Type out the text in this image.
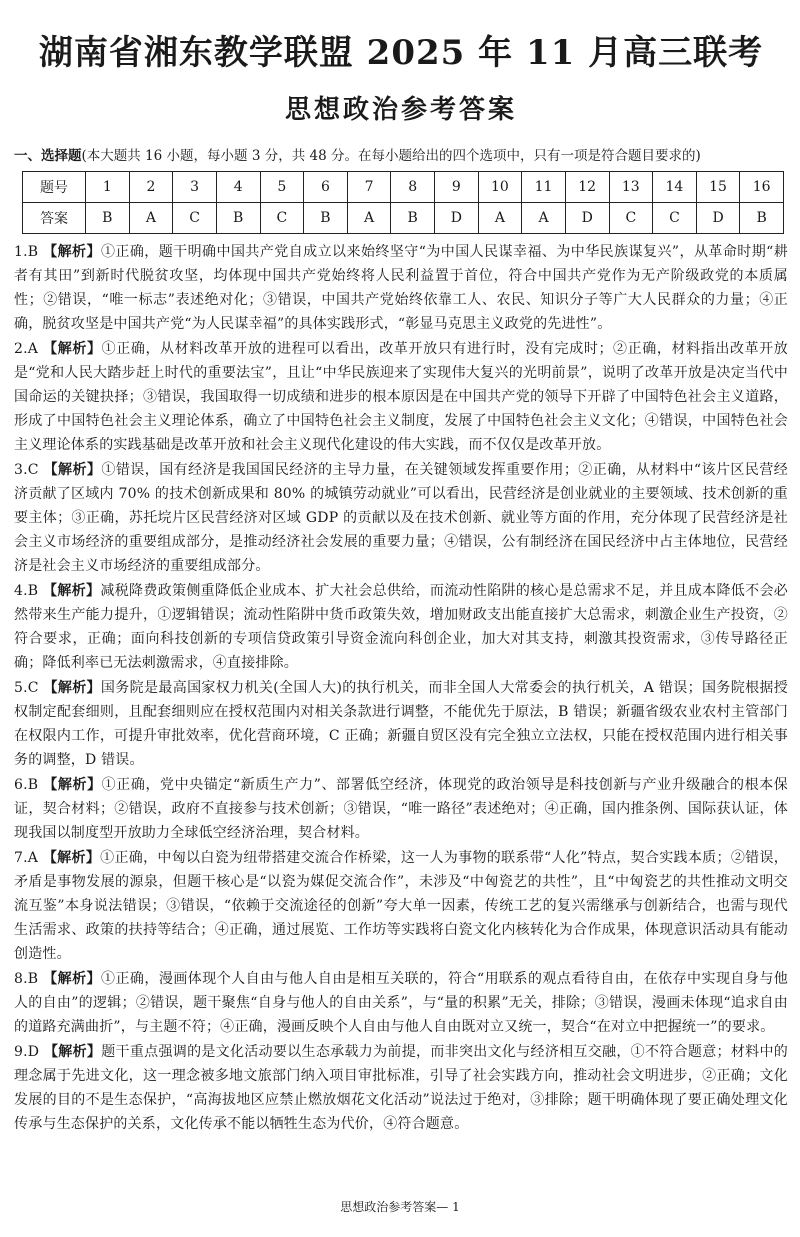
湖南省湘东教学联盟 2025 年 11 月高三联考
思想政治参考答案
一、选择题(本大题共 16 小题，每小题 3 分，共 48 分。在每小题给出的四个选项中，只有一项是符合题目要求的)
题号	1	2	3	4	5	6	7	8	9	10	11	12	13	14	15	16
答案	B	A	C	B	C	B	A	B	D	A	A	D	C	C	D	B

1.B 【解析】①正确，题干明确中国共产党自成立以来始终坚守“为中国人民谋幸福、为中华民族谋复兴”，从革命时期“耕者有其田”到新时代脱贫攻坚，均体现中国共产党始终将人民利益置于首位，符合中国共产党作为无产阶级政党的本质属性；②错误，“唯一标志”表述绝对化；③错误，中国共产党始终依靠工人、农民、知识分子等广大人民群众的力量；④正确，脱贫攻坚是中国共产党“为人民谋幸福”的具体实践形式，“彰显马克思主义政党的先进性”。

2.A 【解析】①正确，从材料改革开放的进程可以看出，改革开放只有进行时，没有完成时；②正确，材料指出改革开放是“党和人民大踏步赶上时代的重要法宝”，且让“中华民族迎来了实现伟大复兴的光明前景”，说明了改革开放是决定当代中国命运的关键抉择；③错误，我国取得一切成绩和进步的根本原因是在中国共产党的领导下开辟了中国特色社会主义道路，形成了中国特色社会主义理论体系，确立了中国特色社会主义制度，发展了中国特色社会主义文化；④错误，中国特色社会主义理论体系的实践基础是改革开放和社会主义现代化建设的伟大实践，而不仅仅是改革开放。

3.C 【解析】①错误，国有经济是我国国民经济的主导力量，在关键领域发挥重要作用；②正确，从材料中“该片区民营经济贡献了区域内 70% 的技术创新成果和 80% 的城镇劳动就业”可以看出，民营经济是创业就业的主要领域、技术创新的重要主体；③正确，苏托垸片区民营经济对区域 GDP 的贡献以及在技术创新、就业等方面的作用，充分体现了民营经济是社会主义市场经济的重要组成部分，是推动经济社会发展的重要力量；④错误，公有制经济在国民经济中占主体地位，民营经济是社会主义市场经济的重要组成部分。

4.B 【解析】减税降费政策侧重降低企业成本、扩大社会总供给，而流动性陷阱的核心是总需求不足，并且成本降低不会必然带来生产能力提升，①逻辑错误；流动性陷阱中货币政策失效，增加财政支出能直接扩大总需求，刺激企业生产投资，②符合要求，正确；面向科技创新的专项信贷政策引导资金流向科创企业，加大对其支持，刺激其投资需求，③传导路径正确；降低利率已无法刺激需求，④直接排除。

5.C 【解析】国务院是最高国家权力机关(全国人大)的执行机关，而非全国人大常委会的执行机关，A 错误；国务院根据授权制定配套细则，且配套细则应在授权范围内对相关条款进行调整，不能优先于原法，B 错误；新疆省级农业农村主管部门在权限内工作，可提升审批效率，优化营商环境，C 正确；新疆自贸区没有完全独立立法权，只能在授权范围内进行相关事务的调整，D 错误。

6.B 【解析】①正确，党中央锚定“新质生产力”、部署低空经济，体现党的政治领导是科技创新与产业升级融合的根本保证，契合材料；②错误，政府不直接参与技术创新；③错误，“唯一路径”表述绝对；④正确，国内推条例、国际获认证，体现我国以制度型开放助力全球低空经济治理，契合材料。

7.A 【解析】①正确，中匈以白瓷为纽带搭建交流合作桥梁，这一人为事物的联系带“人化”特点，契合实践本质；②错误，矛盾是事物发展的源泉，但题干核心是“以瓷为媒促交流合作”，未涉及“中匈瓷艺的共性”，且“中匈瓷艺的共性推动文明交流互鉴”本身说法错误；③错误，“依赖于交流途径的创新”夸大单一因素，传统工艺的复兴需继承与创新结合，也需与现代生活需求、政策的扶持等结合；④正确，通过展览、工作坊等实践将白瓷文化内核转化为合作成果，体现意识活动具有能动创造性。

8.B 【解析】①正确，漫画体现个人自由与他人自由是相互关联的，符合“用联系的观点看待自由，在依存中实现自身与他人的自由”的逻辑；②错误，题干聚焦“自身与他人的自由关系”，与“量的积累”无关，排除；③错误，漫画未体现“追求自由的道路充满曲折”，与主题不符；④正确，漫画反映个人自由与他人自由既对立又统一，契合“在对立中把握统一”的要求。

9.D 【解析】题干重点强调的是文化活动要以生态承载力为前提，而非突出文化与经济相互交融，①不符合题意；材料中的理念属于先进文化，这一理念被多地文旅部门纳入项目审批标准，引导了社会实践方向，推动社会文明进步，②正确；文化发展的目的不是生态保护，“高海拔地区应禁止燃放烟花文化活动”说法过于绝对，③排除；题干明确体现了要正确处理文化传承与生态保护的关系，文化传承不能以牺牲生态为代价，④符合题意。

思想政治参考答案— 1
